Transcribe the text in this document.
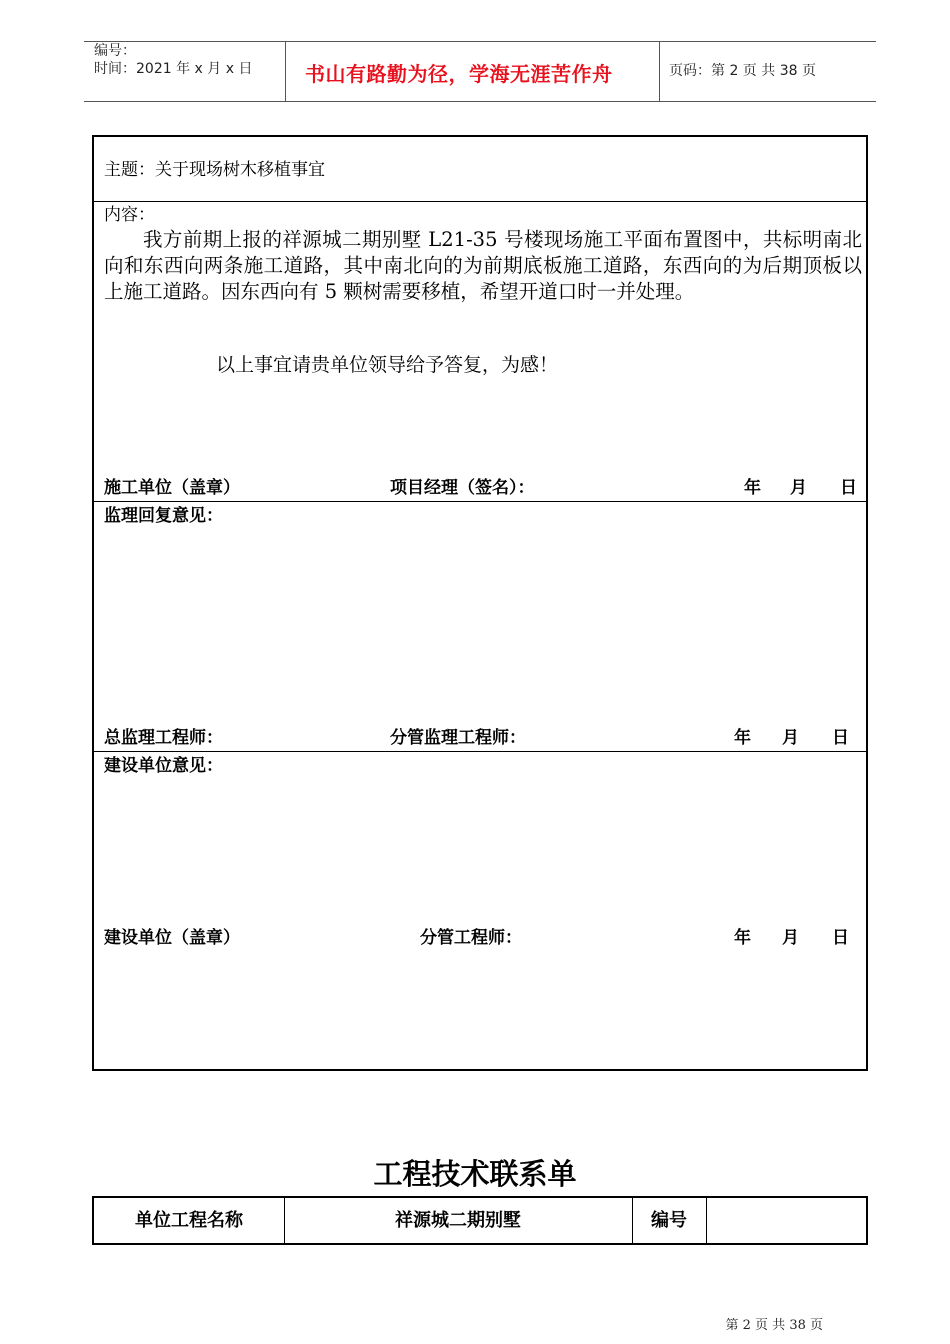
编号：
时间：2021 年 x 月 x 日	书山有路勤为径，学海无涯苦作舟	页码：第 2 页 共 38 页
主题：关于现场树木移植事宜
内容：
我方前期上报的祥源城二期别墅 L21-35 号楼现场施工平面布置图中，共标明南北向和东西向两条施工道路，其中南北向的为前期底板施工道路，东西向的为后期顶板以上施工道路。因东西向有 5 颗树需要移植，希望开道口时一并处理。
以上事宜请贵单位领导给予答复，为感！
施工单位（盖章）	项目经理（签名）：	年 月 日
监理回复意见：
总监理工程师：	分管监理工程师：	年 月 日
建设单位意见：
建设单位（盖章）	分管工程师：	年 月 日
工程技术联系单
单位工程名称	祥源城二期别墅	编号
第 2 页 共 38 页
